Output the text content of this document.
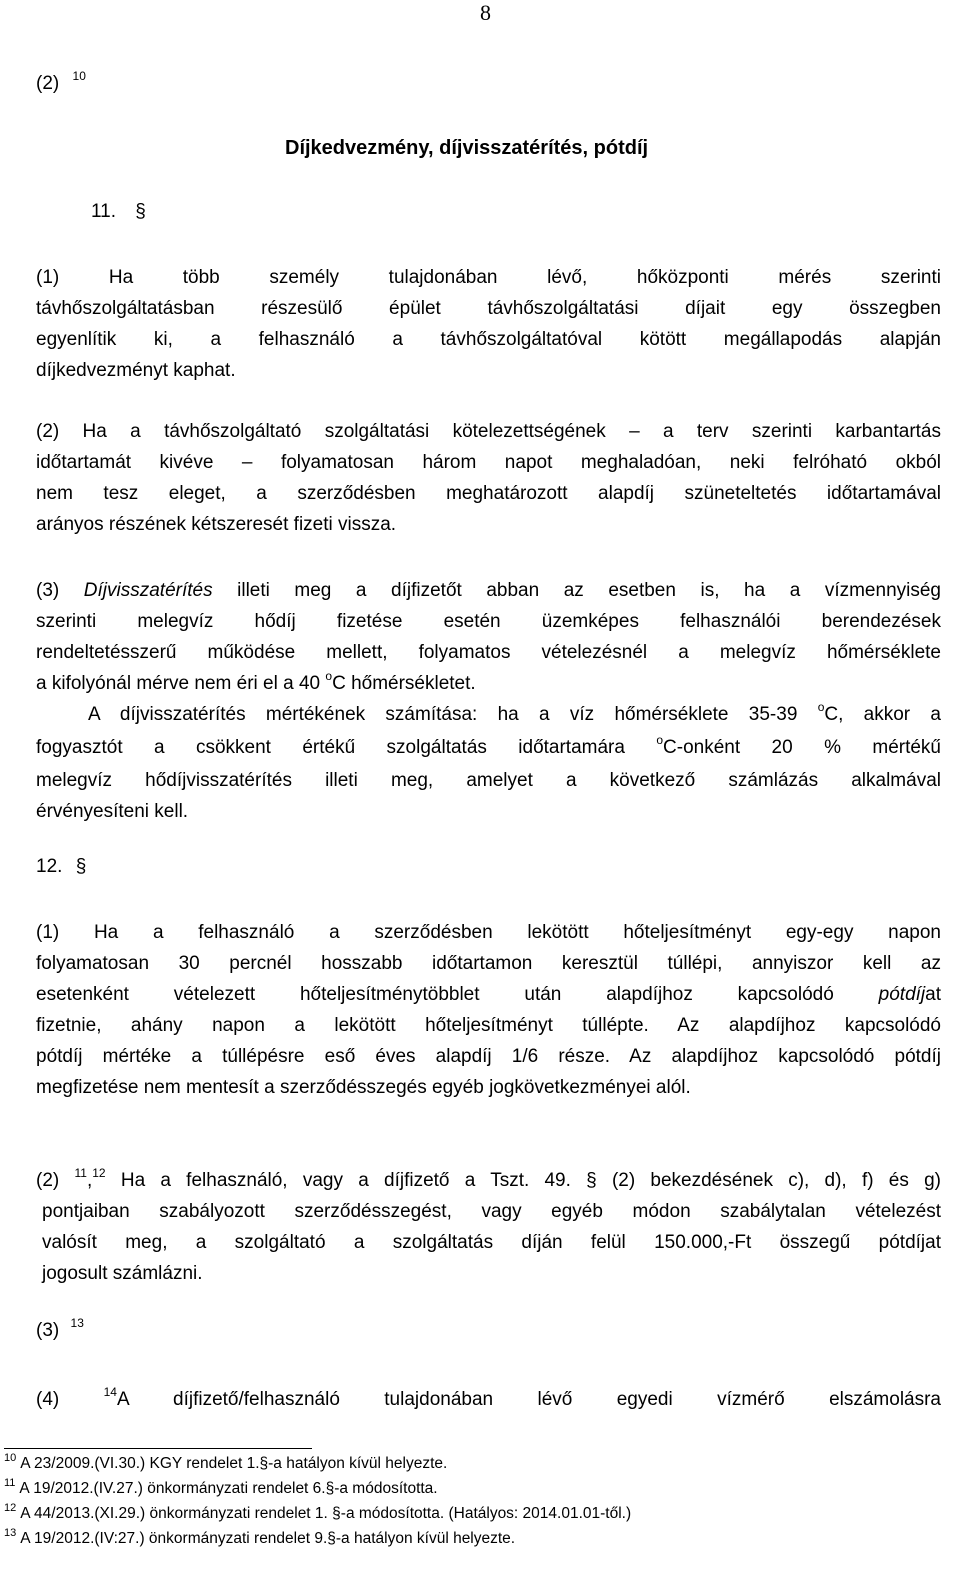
8
(2) $^{10}$
Díjkedvezmény, díjvisszatérítés, pótdíj
11. §
(1) Ha több személy tulajdonában lévő, hőközponti mérés szerinti
távhőszolgáltatásban részesülő épület távhőszolgáltatási díjait egy összegben
egyenlítik ki, a felhasználó a távhőszolgáltatóval kötött megállapodás alapján
díjkedvezményt kaphat.
(2) Ha a távhőszolgáltató szolgáltatási kötelezettségének – a terv szerinti karbantartás
időtartamát kivéve – folyamatosan három napot meghaladóan, neki felróható okból
nem tesz eleget, a szerződésben meghatározott alapdíj szüneteltetés időtartamával
arányos részének kétszeresét fizeti vissza.
(3) Díjvisszatérítés illeti meg a díjfizetőt abban az esetben is, ha a vízmennyiség
szerinti melegvíz hődíj fizetése esetén üzemképes felhasználói berendezések
rendeltetésszerű működése mellett, folyamatos vételezésnél a melegvíz hőmérséklete
a kifolyónál mérve nem éri el a 40 $^o$C hőmérsékletet.
A díjvisszatérítés mértékének számítása: ha a víz hőmérséklete 35-39 $^o$C, akkor a
fogyasztót a csökkent értékű szolgáltatás időtartamára	$^o$C-onként 20 % mértékű
melegvíz hődíjvisszatérítés illeti meg, amelyet a következő számlázás alkalmával
érvényesíteni kell.
12. §
(1) Ha a felhasználó a szerződésben lekötött hőteljesítményt egy-egy napon
folyamatosan 30 percnél hosszabb időtartamon keresztül túllépi, annyiszor kell az
esetenként vételezett hőteljesítménytöbblet után alapdíjhoz kapcsolódó pótdíjat
fizetnie, ahány napon a lekötött hőteljesítményt túllépte. Az alapdíjhoz kapcsolódó
pótdíj mértéke a túllépésre eső éves alapdíj 1/6 része. Az alapdíjhoz kapcsolódó pótdíj
megfizetése nem mentesít a szerződésszegés egyéb jogkövetkezményei alól.
(2) $^{11}$,$^{12}$ Ha a felhasználó, vagy a díjfizető a Tszt. 49. § (2) bekezdésének c), d), f) és g)
pontjaiban szabályozott szerződésszegést, vagy egyéb módon szabálytalan vételezést
valósít meg, a szolgáltató a szolgáltatás díján felül 150.000,-Ft összegű pótdíjat
jogosult számlázni.
(3) $^{13}$
(4)	$^{14}$A díjfizető/felhasználó tulajdonában lévő egyedi vízmérő elszámolásra
$^{10}$ A 23/2009.(VI.30.) KGY rendelet 1.§-a hatályon kívül helyezte.
$^{11}$ A 19/2012.(IV.27.) önkormányzati rendelet 6.§-a módosította.
$^{12}$ A 44/2013.(XI.29.) önkormányzati rendelet 1. §-a módosította. (Hatályos: 2014.01.01-től.)
$^{13}$ A 19/2012.(IV:27.) önkormányzati rendelet 9.§-a hatályon kívül helyezte.
